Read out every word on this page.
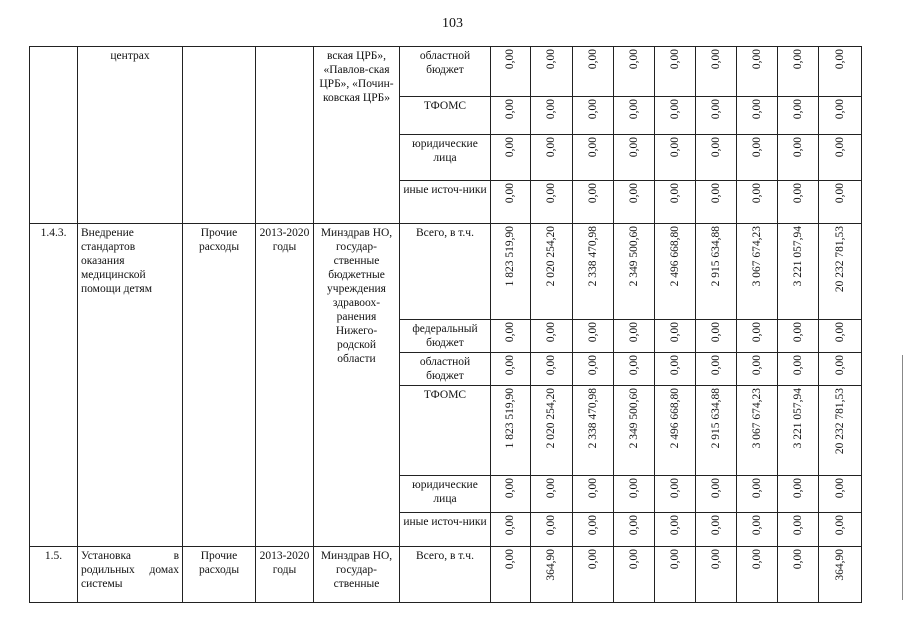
103
	центрах			вская ЦРБ», «Павлов-ская ЦРБ», «Почин-ковская ЦРБ»	областной бюджет	0,00	0,00	0,00	0,00	0,00	0,00	0,00	0,00	0,00

					ТФОМС	0,00	0,00	0,00	0,00	0,00	0,00	0,00	0,00	0,00

					юридические лица	0,00	0,00	0,00	0,00	0,00	0,00	0,00	0,00	0,00

					иные источ-ники	0,00	0,00	0,00	0,00	0,00	0,00	0,00	0,00	0,00

1.4.3.	Внедрение стандартов оказания медицинской помощи детям	Прочие расходы	2013-2020 годы	Минздрав НО, государ-ственные бюджетные учреждения здравоох-ранения Нижего-родской области	Всего, в т.ч.	1 823 519,90	2 020 254,20	2 338 470,98	2 349 500,60	2 496 668,80	2 915 634,88	3 067 674,23	3 221 057,94	20 232 781,53

					федеральный бюджет	0,00	0,00	0,00	0,00	0,00	0,00	0,00	0,00	0,00

					областной бюджет	0,00	0,00	0,00	0,00	0,00	0,00	0,00	0,00	0,00

					ТФОМС	1 823 519,90	2 020 254,20	2 338 470,98	2 349 500,60	2 496 668,80	2 915 634,88	3 067 674,23	3 221 057,94	20 232 781,53

					юридические лица	0,00	0,00	0,00	0,00	0,00	0,00	0,00	0,00	0,00

					иные источ-ники	0,00	0,00	0,00	0,00	0,00	0,00	0,00	0,00	0,00

1.5.	Установка в родильных домах системы	Прочие расходы	2013-2020 годы	Минздрав НО, государ-ственные	Всего, в т.ч.	0,00	364,90	0,00	0,00	0,00	0,00	0,00	0,00	364,90
